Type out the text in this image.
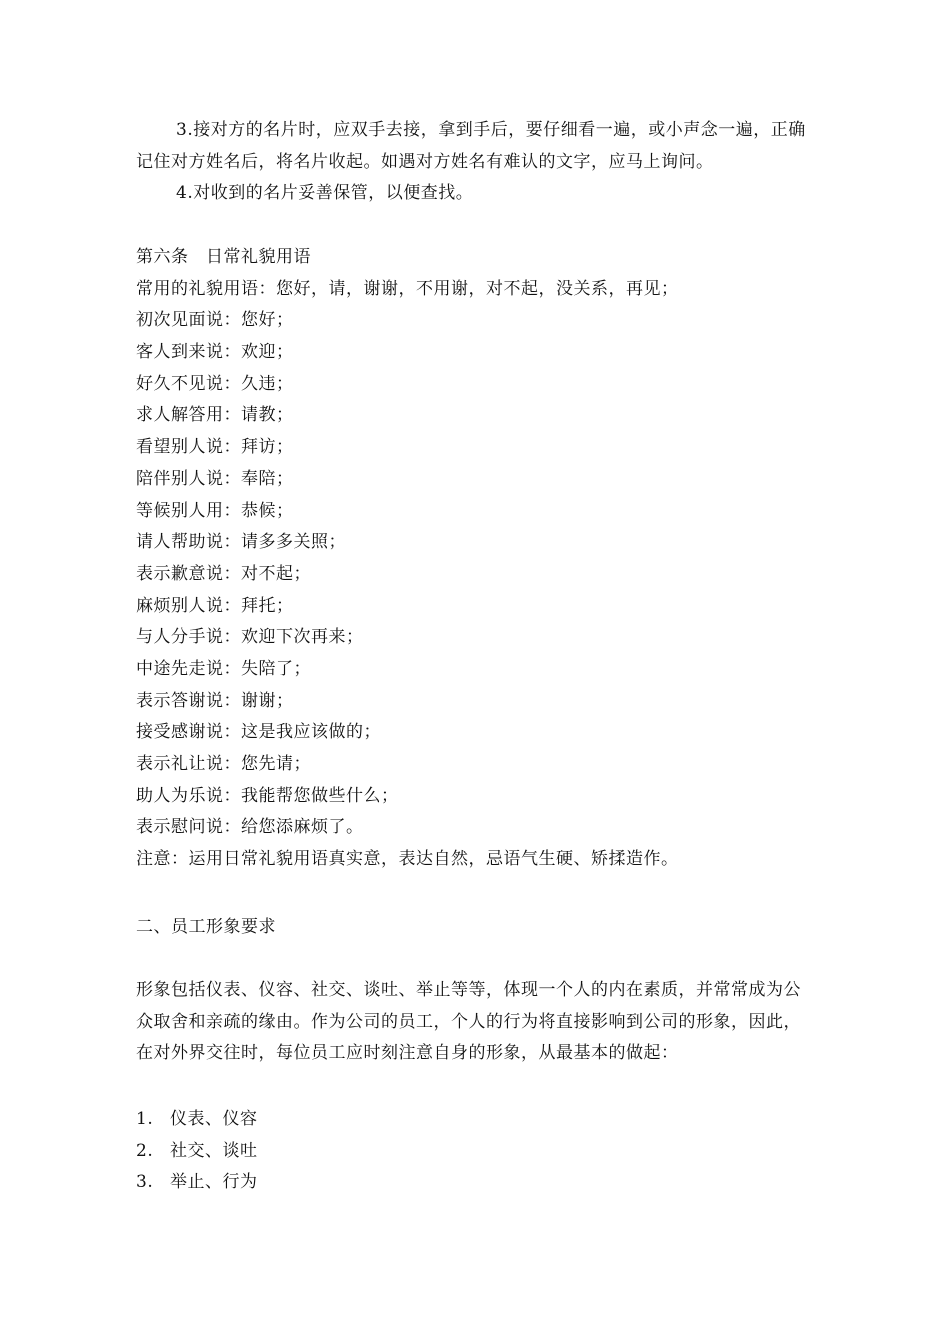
3.接对方的名片时，应双手去接，拿到手后，要仔细看一遍，或小声念一遍，正确
记住对方姓名后，将名片收起。如遇对方姓名有难认的文字，应马上询问。
4.对收到的名片妥善保管，以便查找。
第六条　日常礼貌用语
常用的礼貌用语：您好，请，谢谢，不用谢，对不起，没关系，再见；
初次见面说：您好；
客人到来说：欢迎；
好久不见说：久违；
求人解答用：请教；
看望别人说：拜访；
陪伴别人说：奉陪；
等候别人用：恭候；
请人帮助说：请多多关照；
表示歉意说：对不起；
麻烦别人说：拜托；
与人分手说：欢迎下次再来；
中途先走说：失陪了；
表示答谢说：谢谢；
接受感谢说：这是我应该做的；
表示礼让说：您先请；
助人为乐说：我能帮您做些什么；
表示慰问说：给您添麻烦了。
注意：运用日常礼貌用语真实意，表达自然，忌语气生硬、矫揉造作。
二、员工形象要求
形象包括仪表、仪容、社交、谈吐、举止等等，体现一个人的内在素质，并常常成为公
众取舍和亲疏的缘由。作为公司的员工，个人的行为将直接影响到公司的形象，因此，
在对外界交往时，每位员工应时刻注意自身的形象，从最基本的做起：
1. 仪表、仪容
2. 社交、谈吐
3. 举止、行为
